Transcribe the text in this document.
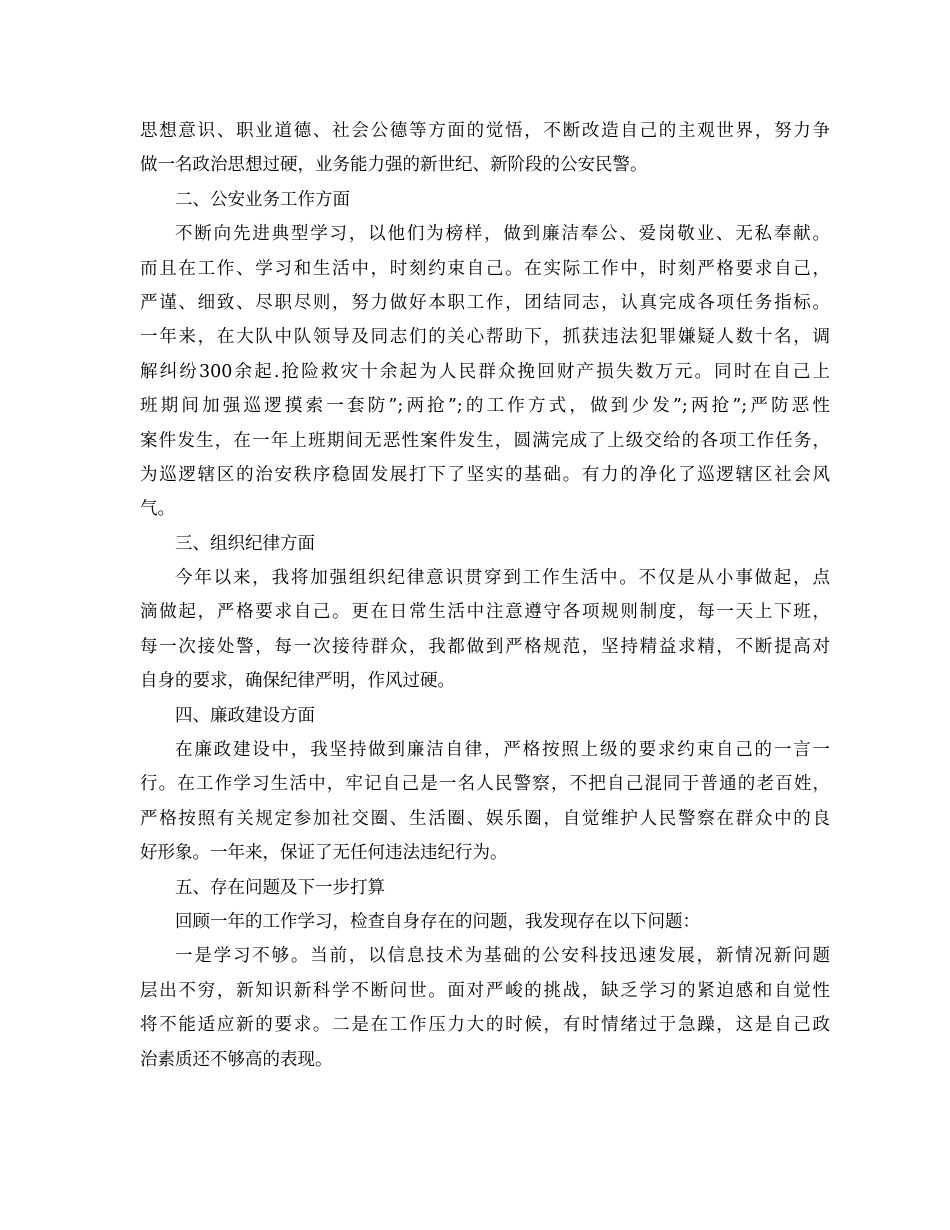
思想意识、职业道德、社会公德等方面的觉悟，不断改造自己的主观世界，努力争
做一名政治思想过硬，业务能力强的新世纪、新阶段的公安民警。
二、公安业务工作方面
不断向先进典型学习，以他们为榜样，做到廉洁奉公、爱岗敬业、无私奉献。
而且在工作、学习和生活中，时刻约束自己。在实际工作中，时刻严格要求自己，
严谨、细致、尽职尽则，努力做好本职工作，团结同志，认真完成各项任务指标。
一年来，在大队中队领导及同志们的关心帮助下，抓获违法犯罪嫌疑人数十名，调
解纠纷300余起.抢险救灾十余起为人民群众挽回财产损失数万元。同时在自己上
班期间加强巡逻摸索一套防”;两抢”;的工作方式，做到少发”;两抢”;严防恶性
案件发生，在一年上班期间无恶性案件发生，圆满完成了上级交给的各项工作任务，
为巡逻辖区的治安秩序稳固发展打下了坚实的基础。有力的净化了巡逻辖区社会风
气。
三、组织纪律方面
今年以来，我将加强组织纪律意识贯穿到工作生活中。不仅是从小事做起，点
滴做起，严格要求自己。更在日常生活中注意遵守各项规则制度，每一天上下班，
每一次接处警，每一次接待群众，我都做到严格规范，坚持精益求精，不断提高对
自身的要求，确保纪律严明，作风过硬。
四、廉政建设方面
在廉政建设中，我坚持做到廉洁自律，严格按照上级的要求约束自己的一言一
行。在工作学习生活中，牢记自己是一名人民警察，不把自己混同于普通的老百姓，
严格按照有关规定参加社交圈、生活圈、娱乐圈，自觉维护人民警察在群众中的良
好形象。一年来，保证了无任何违法违纪行为。
五、存在问题及下一步打算
回顾一年的工作学习，检查自身存在的问题，我发现存在以下问题：
一是学习不够。当前，以信息技术为基础的公安科技迅速发展，新情况新问题
层出不穷，新知识新科学不断问世。面对严峻的挑战，缺乏学习的紧迫感和自觉性
将不能适应新的要求。二是在工作压力大的时候，有时情绪过于急躁，这是自己政
治素质还不够高的表现。
